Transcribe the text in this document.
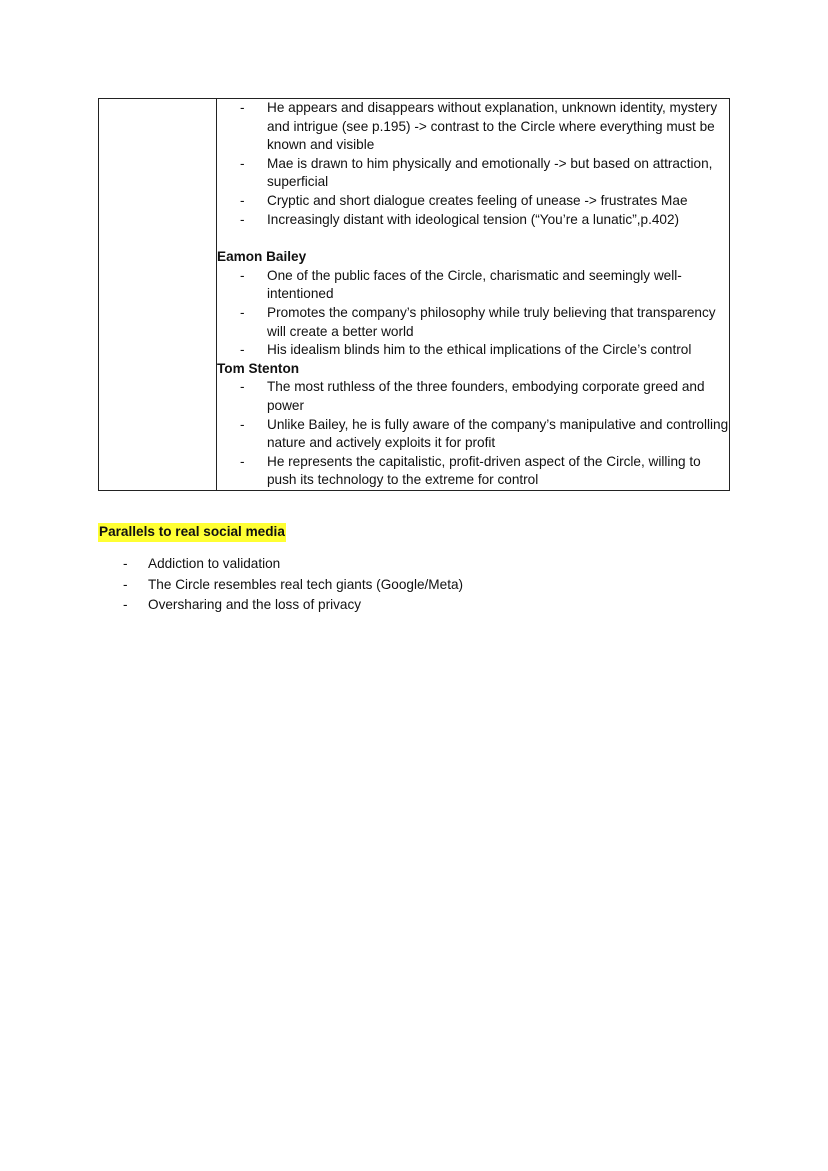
- He appears and disappears without explanation, unknown identity, mystery and intrigue (see p.195) -> contrast to the Circle where everything must be known and visible
- Mae is drawn to him physically and emotionally -> but based on attraction, superficial
- Cryptic and short dialogue creates feeling of unease -> frustrates Mae
- Increasingly distant with ideological tension (“You’re a lunatic”,p.402)
Eamon Bailey
- One of the public faces of the Circle, charismatic and seemingly well-intentioned
- Promotes the company’s philosophy while truly believing that transparency will create a better world
- His idealism blinds him to the ethical implications of the Circle’s control
Tom Stenton
- The most ruthless of the three founders, embodying corporate greed and power
- Unlike Bailey, he is fully aware of the company’s manipulative and controlling nature and actively exploits it for profit
- He represents the capitalistic, profit-driven aspect of the Circle, willing to push its technology to the extreme for control
Parallels to real social media
- Addiction to validation
- The Circle resembles real tech giants (Google/Meta)
- Oversharing and the loss of privacy
